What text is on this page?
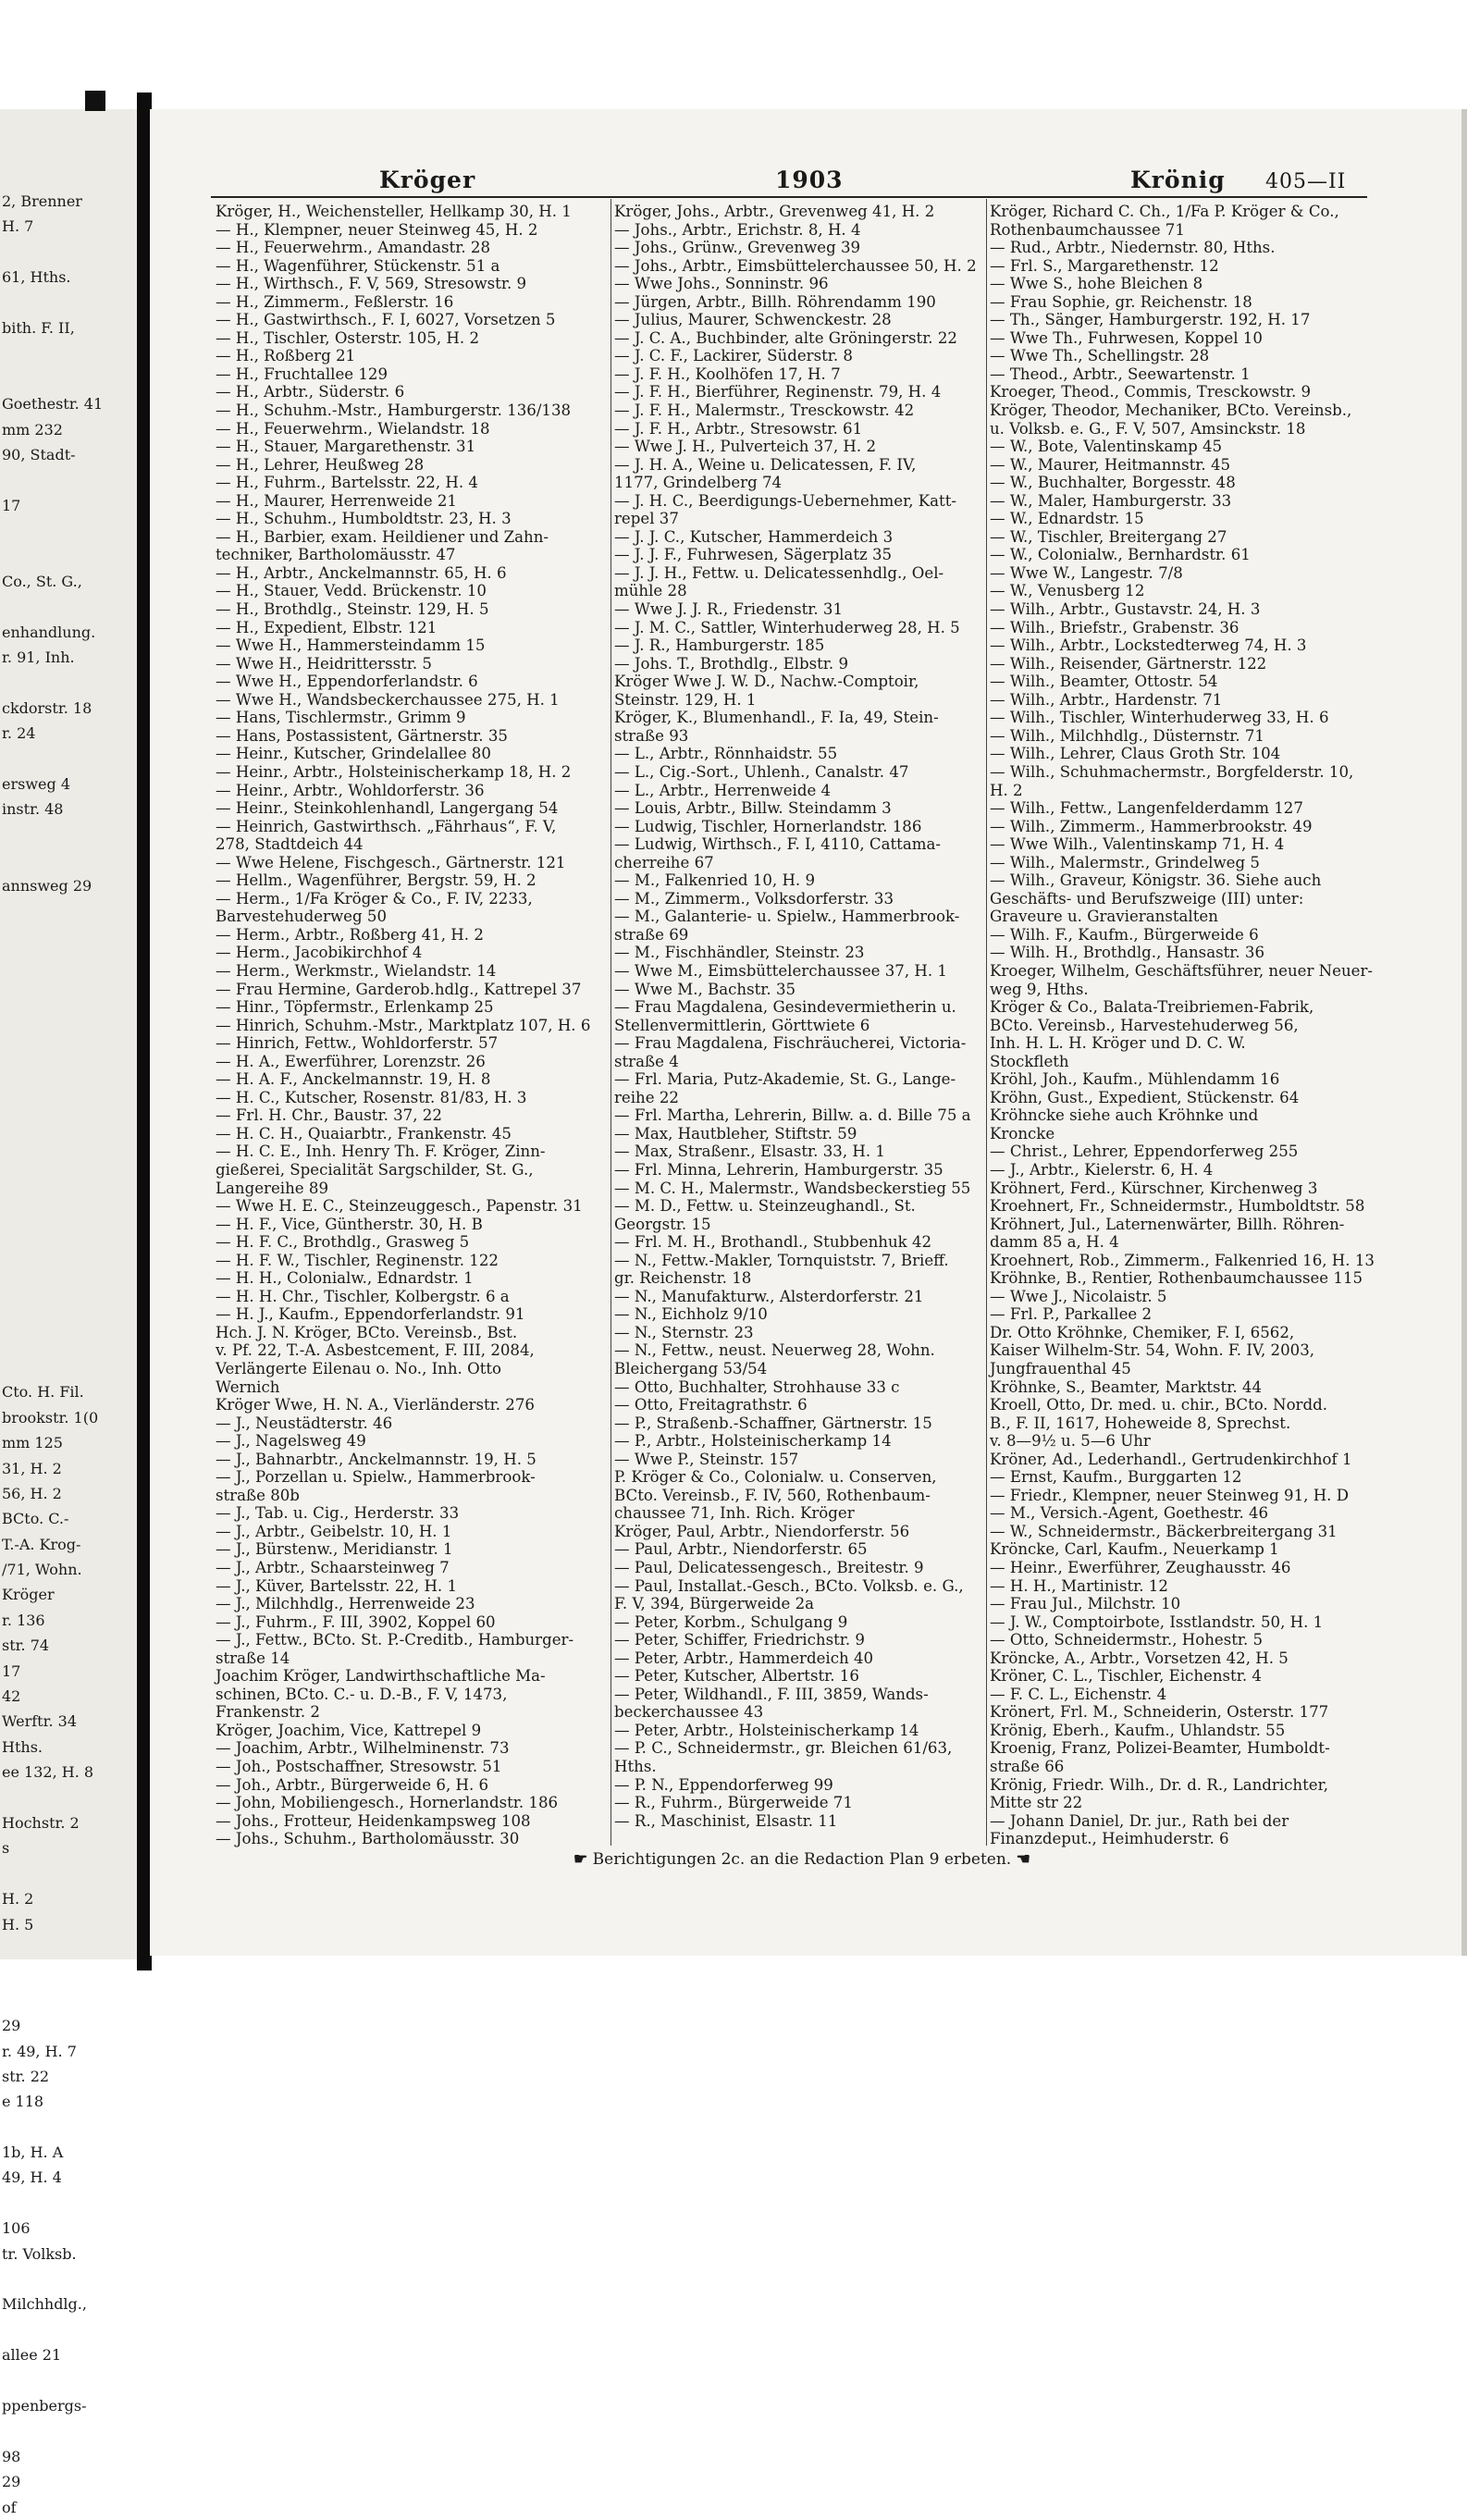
2, Brenner
H. 7
61, Hths.
bith. F. II,
Goethestr. 41
mm 232
90, Stadt-
17
Co., St. G.,
enhandlung.
r. 91, Inh.
ckdorstr. 18
r. 24
ersweg 4
instr. 48
annsweg 29
Cto. H. Fil.
brookstr. 1(0
mm 125
31, H. 2
56, H. 2
BCto. C.-
T.-A. Krog-
/71, Wohn.
Kröger
r. 136
str. 74
17
42
Werftr. 34
Hths.
ee 132, H. 8
Hochstr. 2
s
H. 2
H. 5
29
r. 49, H. 7
str. 22
e 118
1b, H. A
49, H. 4
106
tr. Volksb.
Milchhdlg.,
allee 21
ppenbergs-
98
29
of
Kröger	1903	Krönig 405—II
Kröger, H., Weichensteller, Hellkamp 30, H. 1
— H., Klempner, neuer Steinweg 45, H. 2
— H., Feuerwehrm., Amandastr. 28
— H., Wagenführer, Stückenstr. 51 a
— H., Wirthsch., F. V, 569, Stresowstr. 9
— H., Zimmerm., Feßlerstr. 16
— H., Gastwirthsch., F. I, 6027, Vorsetzen 5
— H., Tischler, Osterstr. 105, H. 2
— H., Roßberg 21
— H., Fruchtallee 129
— H., Arbtr., Süderstr. 6
— H., Schuhm.-Mstr., Hamburgerstr. 136/138
— H., Feuerwehrm., Wielandstr. 18
— H., Stauer, Margarethenstr. 31
— H., Lehrer, Heußweg 28
— H., Fuhrm., Bartelsstr. 22, H. 4
— H., Maurer, Herrenweide 21
— H., Schuhm., Humboldtstr. 23, H. 3
— H., Barbier, exam. Heildiener und Zahn-
techniker, Bartholomäusstr. 47
— H., Arbtr., Anckelmannstr. 65, H. 6
— H., Stauer, Vedd. Brückenstr. 10
— H., Brothdlg., Steinstr. 129, H. 5
— H., Expedient, Elbstr. 121
— Wwe H., Hammersteindamm 15
— Wwe H., Heidrittersstr. 5
— Wwe H., Eppendorferlandstr. 6
— Wwe H., Wandsbeckerchaussee 275, H. 1
— Hans, Tischlermstr., Grimm 9
— Hans, Postassistent, Gärtnerstr. 35
— Heinr., Kutscher, Grindelallee 80
— Heinr., Arbtr., Holsteinischerkamp 18, H. 2
— Heinr., Arbtr., Wohldorferstr. 36
— Heinr., Steinkohlenhandl, Langergang 54
— Heinrich, Gastwirthsch. „Fährhaus“, F. V,
278, Stadtdeich 44
— Wwe Helene, Fischgesch., Gärtnerstr. 121
— Hellm., Wagenführer, Bergstr. 59, H. 2
— Herm., 1/Fa Kröger & Co., F. IV, 2233,
Barvestehuderweg 50
— Herm., Arbtr., Roßberg 41, H. 2
— Herm., Jacobikirchhof 4
— Herm., Werkmstr., Wielandstr. 14
— Frau Hermine, Garderob.hdlg., Kattrepel 37
— Hinr., Töpfermstr., Erlenkamp 25
— Hinrich, Schuhm.-Mstr., Marktplatz 107, H. 6
— Hinrich, Fettw., Wohldorferstr. 57
— H. A., Ewerführer, Lorenzstr. 26
— H. A. F., Anckelmannstr. 19, H. 8
— H. C., Kutscher, Rosenstr. 81/83, H. 3
— Frl. H. Chr., Baustr. 37, 22
— H. C. H., Quaiarbtr., Frankenstr. 45
— H. C. E., Inh. Henry Th. F. Kröger, Zinn-
gießerei, Specialität Sargschilder, St. G.,
Langereihe 89
— Wwe H. E. C., Steinzeuggesch., Papenstr. 31
— H. F., Vice, Güntherstr. 30, H. B
— H. F. C., Brothdlg., Grasweg 5
— H. F. W., Tischler, Reginenstr. 122
— H. H., Colonialw., Ednardstr. 1
— H. H. Chr., Tischler, Kolbergstr. 6 a
— H. J., Kaufm., Eppendorferlandstr. 91
Hch. J. N. Kröger, BCto. Vereinsb., Bst.
v. Pf. 22, T.-A. Asbestcement, F. III, 2084,
Verlängerte Eilenau o. No., Inh. Otto
Wernich
Kröger Wwe, H. N. A., Vierländerstr. 276
— J., Neustädterstr. 46
— J., Nagelsweg 49
— J., Bahnarbtr., Anckelmannstr. 19, H. 5
— J., Porzellan u. Spielw., Hammerbrook-
straße 80b
— J., Tab. u. Cig., Herderstr. 33
— J., Arbtr., Geibelstr. 10, H. 1
— J., Bürstenw., Meridianstr. 1
— J., Arbtr., Schaarsteinweg 7
— J., Küver, Bartelsstr. 22, H. 1
— J., Milchhdlg., Herrenweide 23
— J., Fuhrm., F. III, 3902, Koppel 60
— J., Fettw., BCto. St. P.-Creditb., Hamburger-
straße 14
Joachim Kröger, Landwirthschaftliche Ma-
schinen, BCto. C.- u. D.-B., F. V, 1473,
Frankenstr. 2
Kröger, Joachim, Vice, Kattrepel 9
— Joachim, Arbtr., Wilhelminenstr. 73
— Joh., Postschaffner, Stresowstr. 51
— Joh., Arbtr., Bürgerweide 6, H. 6
— John, Mobiliengesch., Hornerlandstr. 186
— Johs., Frotteur, Heidenkampsweg 108
— Johs., Schuhm., Bartholomäusstr. 30
Kröger, Johs., Arbtr., Grevenweg 41, H. 2
— Johs., Arbtr., Erichstr. 8, H. 4
— Johs., Grünw., Grevenweg 39
— Johs., Arbtr., Eimsbüttelerchaussee 50, H. 2
— Wwe Johs., Sonninstr. 96
— Jürgen, Arbtr., Billh. Röhrendamm 190
— Julius, Maurer, Schwenckestr. 28
— J. C. A., Buchbinder, alte Gröningerstr. 22
— J. C. F., Lackirer, Süderstr. 8
— J. F. H., Koolhöfen 17, H. 7
— J. F. H., Bierführer, Reginenstr. 79, H. 4
— J. F. H., Malermstr., Tresckowstr. 42
— J. F. H., Arbtr., Stresowstr. 61
— Wwe J. H., Pulverteich 37, H. 2
— J. H. A., Weine u. Delicatessen, F. IV,
1177, Grindelberg 74
— J. H. C., Beerdigungs-Uebernehmer, Katt-
repel 37
— J. J. C., Kutscher, Hammerdeich 3
— J. J. F., Fuhrwesen, Sägerplatz 35
— J. J. H., Fettw. u. Delicatessenhdlg., Oel-
mühle 28
— Wwe J. J. R., Friedenstr. 31
— J. M. C., Sattler, Winterhuderweg 28, H. 5
— J. R., Hamburgerstr. 185
— Johs. T., Brothdlg., Elbstr. 9
Kröger Wwe J. W. D., Nachw.-Comptoir,
Steinstr. 129, H. 1
Kröger, K., Blumenhandl., F. Ia, 49, Stein-
straße 93
— L., Arbtr., Rönnhaidstr. 55
— L., Cig.-Sort., Uhlenh., Canalstr. 47
— L., Arbtr., Herrenweide 4
— Louis, Arbtr., Billw. Steindamm 3
— Ludwig, Tischler, Hornerlandstr. 186
— Ludwig, Wirthsch., F. I, 4110, Cattama-
cherreihe 67
— M., Falkenried 10, H. 9
— M., Zimmerm., Volksdorferstr. 33
— M., Galanterie- u. Spielw., Hammerbrook-
straße 69
— M., Fischhändler, Steinstr. 23
— Wwe M., Eimsbüttelerchaussee 37, H. 1
— Wwe M., Bachstr. 35
— Frau Magdalena, Gesindevermietherin u.
Stellenvermittlerin, Görttwiete 6
— Frau Magdalena, Fischräucherei, Victoria-
straße 4
— Frl. Maria, Putz-Akademie, St. G., Lange-
reihe 22
— Frl. Martha, Lehrerin, Billw. a. d. Bille 75 a
— Max, Hautbleher, Stiftstr. 59
— Max, Straßenr., Elsastr. 33, H. 1
— Frl. Minna, Lehrerin, Hamburgerstr. 35
— M. C. H., Malermstr., Wandsbeckerstieg 55
— M. D., Fettw. u. Steinzeughandl., St.
Georgstr. 15
— Frl. M. H., Brothandl., Stubbenhuk 42
— N., Fettw.-Makler, Tornquiststr. 7, Brieff.
gr. Reichenstr. 18
— N., Manufakturw., Alsterdorferstr. 21
— N., Eichholz 9/10
— N., Sternstr. 23
— N., Fettw., neust. Neuerweg 28, Wohn.
Bleichergang 53/54
— Otto, Buchhalter, Strohhause 33 c
— Otto, Freitagrathstr. 6
— P., Straßenb.-Schaffner, Gärtnerstr. 15
— P., Arbtr., Holsteinischerkamp 14
— Wwe P., Steinstr. 157
P. Kröger & Co., Colonialw. u. Conserven,
BCto. Vereinsb., F. IV, 560, Rothenbaum-
chaussee 71, Inh. Rich. Kröger
Kröger, Paul, Arbtr., Niendorferstr. 56
— Paul, Arbtr., Niendorferstr. 65
— Paul, Delicatessengesch., Breitestr. 9
— Paul, Installat.-Gesch., BCto. Volksb. e. G.,
F. V, 394, Bürgerweide 2a
— Peter, Korbm., Schulgang 9
— Peter, Schiffer, Friedrichstr. 9
— Peter, Arbtr., Hammerdeich 40
— Peter, Kutscher, Albertstr. 16
— Peter, Wildhandl., F. III, 3859, Wands-
beckerchaussee 43
— Peter, Arbtr., Holsteinischerkamp 14
— P. C., Schneidermstr., gr. Bleichen 61/63,
Hths.
— P. N., Eppendorferweg 99
— R., Fuhrm., Bürgerweide 71
— R., Maschinist, Elsastr. 11
Kröger, Richard C. Ch., 1/Fa P. Kröger & Co.,
Rothenbaumchaussee 71
— Rud., Arbtr., Niedernstr. 80, Hths.
— Frl. S., Margarethenstr. 12
— Wwe S., hohe Bleichen 8
— Frau Sophie, gr. Reichenstr. 18
— Th., Sänger, Hamburgerstr. 192, H. 17
— Wwe Th., Fuhrwesen, Koppel 10
— Wwe Th., Schellingstr. 28
— Theod., Arbtr., Seewartenstr. 1
Kroeger, Theod., Commis, Tresckowstr. 9
Kröger, Theodor, Mechaniker, BCto. Vereinsb.,
u. Volksb. e. G., F. V, 507, Amsinckstr. 18
— W., Bote, Valentinskamp 45
— W., Maurer, Heitmannstr. 45
— W., Buchhalter, Borgesstr. 48
— W., Maler, Hamburgerstr. 33
— W., Ednardstr. 15
— W., Tischler, Breitergang 27
— W., Colonialw., Bernhardstr. 61
— Wwe W., Langestr. 7/8
— W., Venusberg 12
— Wilh., Arbtr., Gustavstr. 24, H. 3
— Wilh., Briefstr., Grabenstr. 36
— Wilh., Arbtr., Lockstedterweg 74, H. 3
— Wilh., Reisender, Gärtnerstr. 122
— Wilh., Beamter, Ottostr. 54
— Wilh., Arbtr., Hardenstr. 71
— Wilh., Tischler, Winterhuderweg 33, H. 6
— Wilh., Milchhdlg., Düsternstr. 71
— Wilh., Lehrer, Claus Groth Str. 104
— Wilh., Schuhmachermstr., Borgfelderstr. 10,
H. 2
— Wilh., Fettw., Langenfelderdamm 127
— Wilh., Zimmerm., Hammerbrookstr. 49
— Wwe Wilh., Valentinskamp 71, H. 4
— Wilh., Malermstr., Grindelweg 5
— Wilh., Graveur, Königstr. 36. Siehe auch
Geschäfts- und Berufszweige (III) unter:
Graveure u. Gravieranstalten
— Wilh. F., Kaufm., Bürgerweide 6
— Wilh. H., Brothdlg., Hansastr. 36
Kroeger, Wilhelm, Geschäftsführer, neuer Neuer-
weg 9, Hths.
Kröger & Co., Balata-Treibriemen-Fabrik,
BCto. Vereinsb., Harvestehuderweg 56,
Inh. H. L. H. Kröger und D. C. W.
Stockfleth
Kröhl, Joh., Kaufm., Mühlendamm 16
Kröhn, Gust., Expedient, Stückenstr. 64
Kröhncke siehe auch Kröhnke und
Kroncke
— Christ., Lehrer, Eppendorferweg 255
— J., Arbtr., Kielerstr. 6, H. 4
Kröhnert, Ferd., Kürschner, Kirchenweg 3
Kroehnert, Fr., Schneidermstr., Humboldtstr. 58
Kröhnert, Jul., Laternenwärter, Billh. Röhren-
damm 85 a, H. 4
Kroehnert, Rob., Zimmerm., Falkenried 16, H. 13
Kröhnke, B., Rentier, Rothenbaumchaussee 115
— Wwe J., Nicolaistr. 5
— Frl. P., Parkallee 2
Dr. Otto Kröhnke, Chemiker, F. I, 6562,
Kaiser Wilhelm-Str. 54, Wohn. F. IV, 2003,
Jungfrauenthal 45
Kröhnke, S., Beamter, Marktstr. 44
Kroell, Otto, Dr. med. u. chir., BCto. Nordd.
B., F. II, 1617, Hoheweide 8, Sprechst.
v. 8—9½ u. 5—6 Uhr
Kröner, Ad., Lederhandl., Gertrudenkirchhof 1
— Ernst, Kaufm., Burggarten 12
— Friedr., Klempner, neuer Steinweg 91, H. D
— M., Versich.-Agent, Goethestr. 46
— W., Schneidermstr., Bäckerbreitergang 31
Kröncke, Carl, Kaufm., Neuerkamp 1
— Heinr., Ewerführer, Zeughausstr. 46
— H. H., Martinistr. 12
— Frau Jul., Milchstr. 10
— J. W., Comptoirbote, Isstlandstr. 50, H. 1
— Otto, Schneidermstr., Hohestr. 5
Kröncke, A., Arbtr., Vorsetzen 42, H. 5
Kröner, C. L., Tischler, Eichenstr. 4
— F. C. L., Eichenstr. 4
Krönert, Frl. M., Schneiderin, Osterstr. 177
Krönig, Eberh., Kaufm., Uhlandstr. 55
Kroenig, Franz, Polizei-Beamter, Humboldt-
straße 66
Krönig, Friedr. Wilh., Dr. d. R., Landrichter,
Mitte str 22
— Johann Daniel, Dr. jur., Rath bei der
Finanzdeput., Heimhuderstr. 6
☛ Berichtigungen 2c. an die Redaction Plan 9 erbeten. ☚
